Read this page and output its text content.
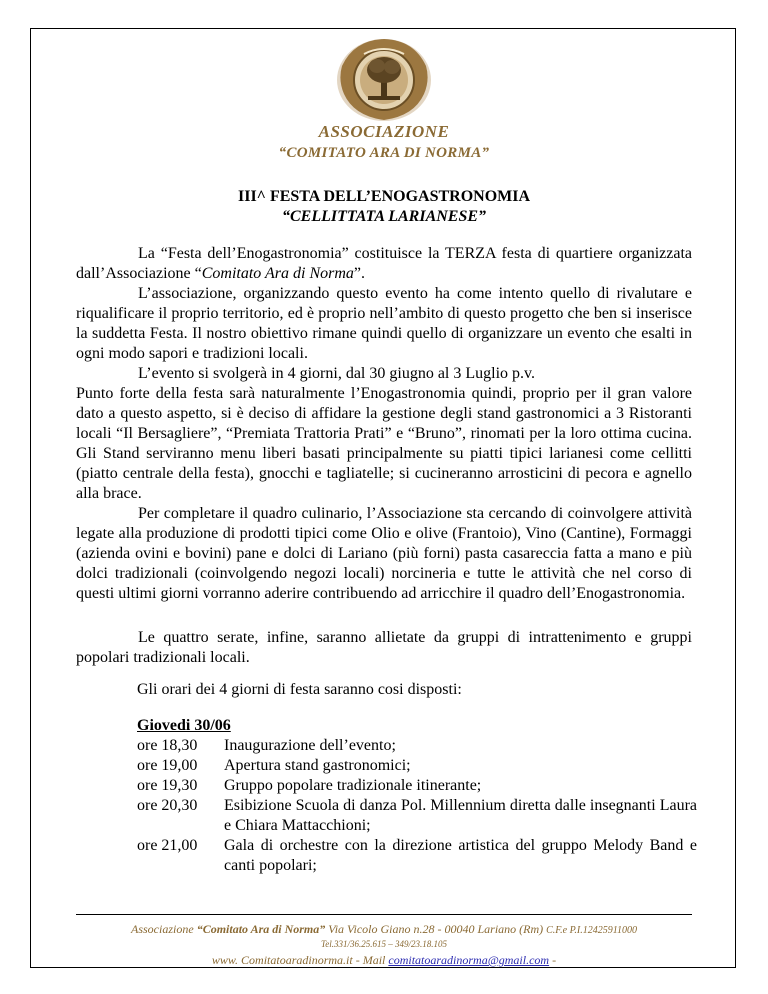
ASSOCIAZIONE
“COMITATO ARA DI NORMA”
III^ FESTA DELL’ENOGASTRONOMIA
“CELLITTATA LARIANESE”

La “Festa dell’Enogastronomia” costituisce la TERZA festa di quartiere organizzata dall’Associazione “Comitato Ara di Norma”.

L’associazione, organizzando questo evento ha come intento quello di rivalutare e riqualificare il proprio territorio, ed è proprio nell’ambito di questo progetto che ben si inserisce la suddetta Festa. Il nostro obiettivo rimane quindi quello di organizzare un evento che esalti in ogni modo sapori e tradizioni locali.

L’evento si svolgerà in 4 giorni, dal 30 giugno al 3 Luglio p.v.

Punto forte della festa sarà naturalmente l’Enogastronomia quindi, proprio per il gran valore dato a questo aspetto, si è deciso di affidare la gestione degli stand gastronomici a 3 Ristoranti locali “Il Bersagliere”, “Premiata Trattoria Prati” e “Bruno”, rinomati per la loro ottima cucina. Gli Stand serviranno menu liberi basati principalmente su piatti tipici larianesi come cellitti (piatto centrale della festa), gnocchi e tagliatelle; si cucineranno arrosticini di pecora e agnello alla brace.

Per completare il quadro culinario, l’Associazione sta cercando di coinvolgere attività legate alla produzione di prodotti tipici come Olio e olive (Frantoio), Vino (Cantine), Formaggi (azienda ovini e bovini) pane e dolci di Lariano (più forni) pasta casareccia fatta a mano e più dolci tradizionali (coinvolgendo negozi locali) norcineria e tutte le attività che nel corso di questi ultimi giorni vorranno aderire contribuendo ad arricchire il quadro dell’Enogastronomia.

Le quattro serate, infine, saranno allietate da gruppi di intrattenimento e gruppi popolari tradizionali locali.

Gli orari dei 4 giorni di festa saranno cosi disposti:

Giovedi 30/06
ore 18,30	Inaugurazione dell’evento;
ore 19,00	Apertura stand gastronomici;
ore 19,30	Gruppo popolare tradizionale itinerante;
ore 20,30	Esibizione Scuola di danza Pol. Millennium diretta dalle insegnanti Laura e Chiara Mattacchioni;
ore 21,00	Gala di orchestre con la direzione artistica del gruppo Melody Band e canti popolari;
Associazione “Comitato Ara di Norma” Via Vicolo Giano n.28 - 00040 Lariano (Rm) C.F.e P.I.12425911000
Tel.331/36.25.615 – 349/23.18.105
www. Comitatoaradinorma.it - Mail comitatoaradinorma@gmail.com -
